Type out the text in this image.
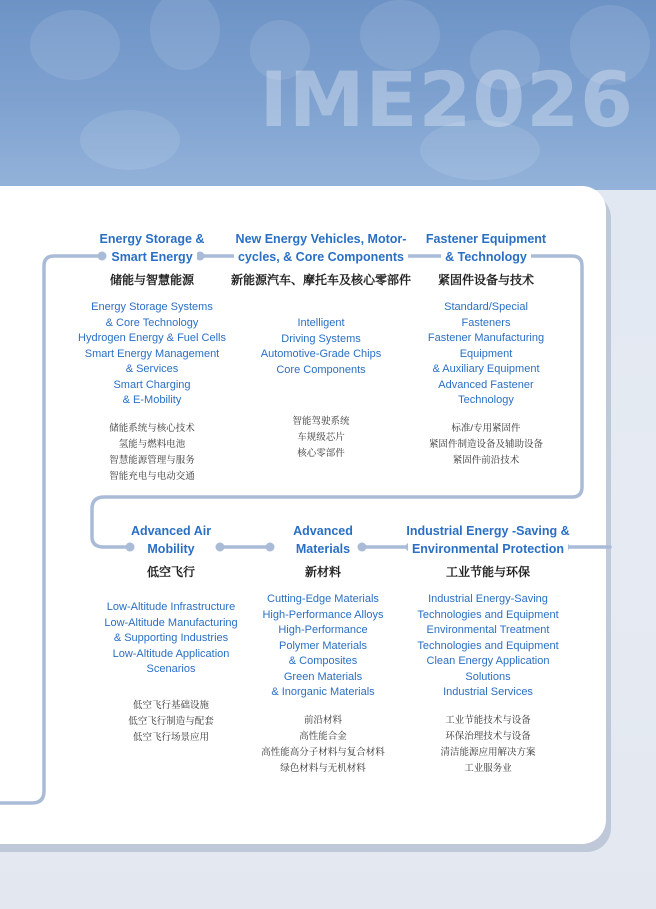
IME2026
Energy Storage &
Smart Energy
储能与智慧能源
Energy Storage Systems
& Core Technology
Hydrogen Energy & Fuel Cells
Smart Energy Management
& Services
Smart Charging
& E-Mobility
储能系统与核心技术
氢能与燃料电池
智慧能源管理与服务
智能充电与电动交通
New Energy Vehicles, Motor-
cycles, & Core Components
新能源汽车、摩托车及核心零部件
Intelligent
Driving Systems
Automotive-Grade Chips
Core Components
智能驾驶系统
车规级芯片
核心零部件
Fastener Equipment
& Technology
紧固件设备与技术
Standard/Special
Fasteners
Fastener Manufacturing
Equipment
& Auxiliary Equipment
Advanced Fastener
Technology
标准/专用紧固件
紧固件制造设备及辅助设备
紧固件前沿技术
Advanced Air
Mobility
低空飞行
Low-Altitude Infrastructure
Low-Altitude Manufacturing
& Supporting Industries
Low-Altitude Application
Scenarios
低空飞行基础设施
低空飞行制造与配套
低空飞行场景应用
Advanced
Materials
新材料
Cutting-Edge Materials
High-Performance Alloys
High-Performance
Polymer Materials
& Composites
Green Materials
& Inorganic Materials
前沿材料
高性能合金
高性能高分子材料与复合材料
绿色材料与无机材料
Industrial Energy -Saving &
Environmental Protection
工业节能与环保
Industrial Energy-Saving
Technologies and Equipment
Environmental Treatment
Technologies and Equipment
Clean Energy Application
Solutions
Industrial Services
工业节能技术与设备
环保治理技术与设备
清洁能源应用解决方案
工业服务业
